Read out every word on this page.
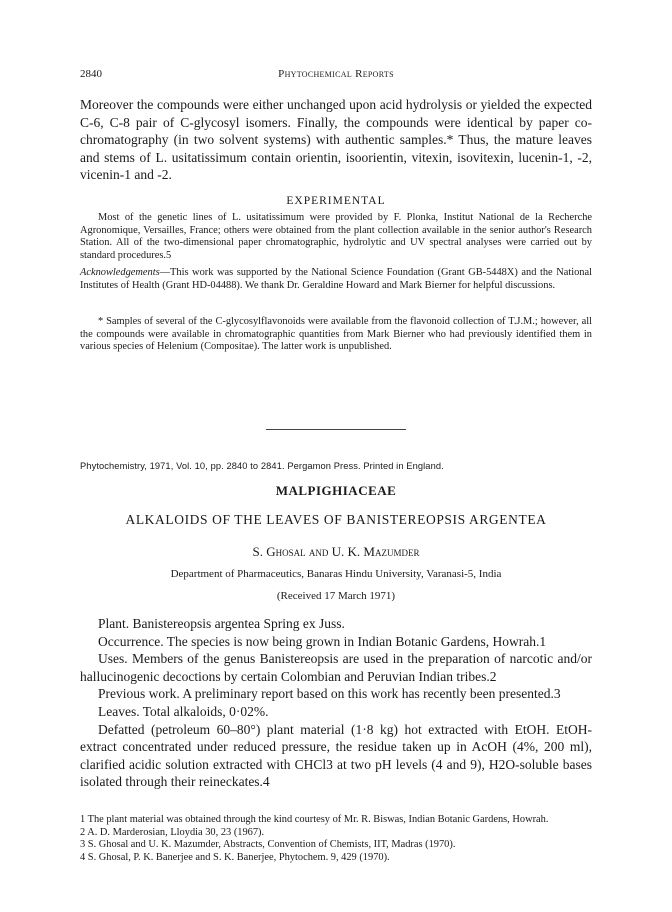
2840	Phytochemical Reports

Moreover the compounds were either unchanged upon acid hydrolysis or yielded the expected C-6, C-8 pair of C-glycosyl isomers. Finally, the compounds were identical by paper co-chromatography (in two solvent systems) with authentic samples.* Thus, the mature leaves and stems of L. usitatissimum contain orientin, isoorientin, vitexin, isovitexin, lucenin-1, -2, vicenin-1 and -2.

EXPERIMENTAL

Most of the genetic lines of L. usitatissimum were provided by F. Plonka, Institut National de la Recherche Agronomique, Versailles, France; others were obtained from the plant collection available in the senior author's Research Station. All of the two-dimensional paper chromatographic, hydrolytic and UV spectral analyses were carried out by standard procedures.5

Acknowledgements—This work was supported by the National Science Foundation (Grant GB-5448X) and the National Institutes of Health (Grant HD-04488). We thank Dr. Geraldine Howard and Mark Bierner for helpful discussions.

* Samples of several of the C-glycosylflavonoids were available from the flavonoid collection of T.J.M.; however, all the compounds were available in chromatographic quantities from Mark Bierner who had previously identified them in various species of Helenium (Compositae). The latter work is unpublished.

Phytochemistry, 1971, Vol. 10, pp. 2840 to 2841. Pergamon Press. Printed in England.
MALPIGHIACEAE
ALKALOIDS OF THE LEAVES OF BANISTEREOPSIS ARGENTEA
S. Ghosal and U. K. Mazumder
Department of Pharmaceutics, Banaras Hindu University, Varanasi-5, India
(Received 17 March 1971)

Plant. Banistereopsis argentea Spring ex Juss.

Occurrence. The species is now being grown in Indian Botanic Gardens, Howrah.1

Uses. Members of the genus Banistereopsis are used in the preparation of narcotic and/or hallucinogenic decoctions by certain Colombian and Peruvian Indian tribes.2

Previous work. A preliminary report based on this work has recently been presented.3

Leaves. Total alkaloids, 0·02%.

Defatted (petroleum 60–80°) plant material (1·8 kg) hot extracted with EtOH. EtOH-extract concentrated under reduced pressure, the residue taken up in AcOH (4%, 200 ml), clarified acidic solution extracted with CHCl3 at two pH levels (4 and 9), H2O-soluble bases isolated through their reineckates.4

1 The plant material was obtained through the kind courtesy of Mr. R. Biswas, Indian Botanic Gardens, Howrah.

2 A. D. Marderosian, Lloydia 30, 23 (1967).

3 S. Ghosal and U. K. Mazumder, Abstracts, Convention of Chemists, IIT, Madras (1970).

4 S. Ghosal, P. K. Banerjee and S. K. Banerjee, Phytochem. 9, 429 (1970).
